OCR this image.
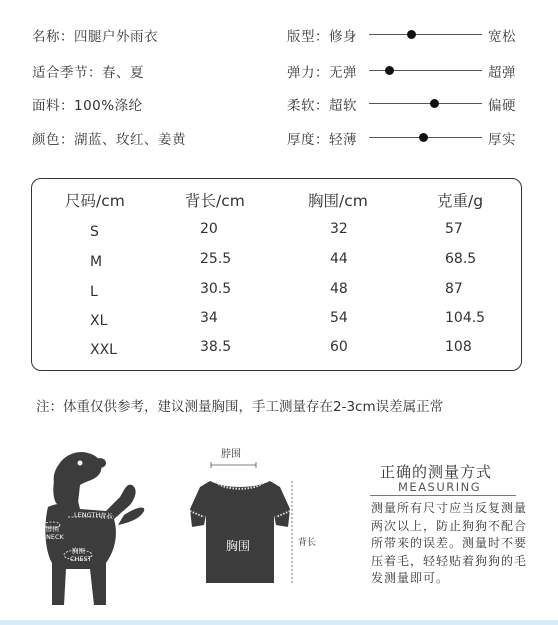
名称：四腿户外雨衣
适合季节：春、夏
面料：100%涤纶
颜色：湖蓝、玫红、姜黄
版型：修身	宽松
弹力：无弹	超弹
柔软：超软	偏硬
厚度：轻薄	厚实
尺码/cm	背长/cm	胸围/cm	克重/g
S	20	32	57
M	25.5	44	68.5
L	30.5	48	87
XL	34	54	104.5
XXL	38.5	60	108
注：体重仅供参考，建议测量胸围，手工测量存在2-3cm误差属正常
脖围
NECK
LENGTH 背长
胸围
CHEST
脖围
胸围	背长
正确的测量方式
MEASURING
测量所有尺寸应当反复测量两次以上，防止狗狗不配合所带来的误差。测量时不要压着毛，轻轻贴着狗狗的毛发测量即可。
